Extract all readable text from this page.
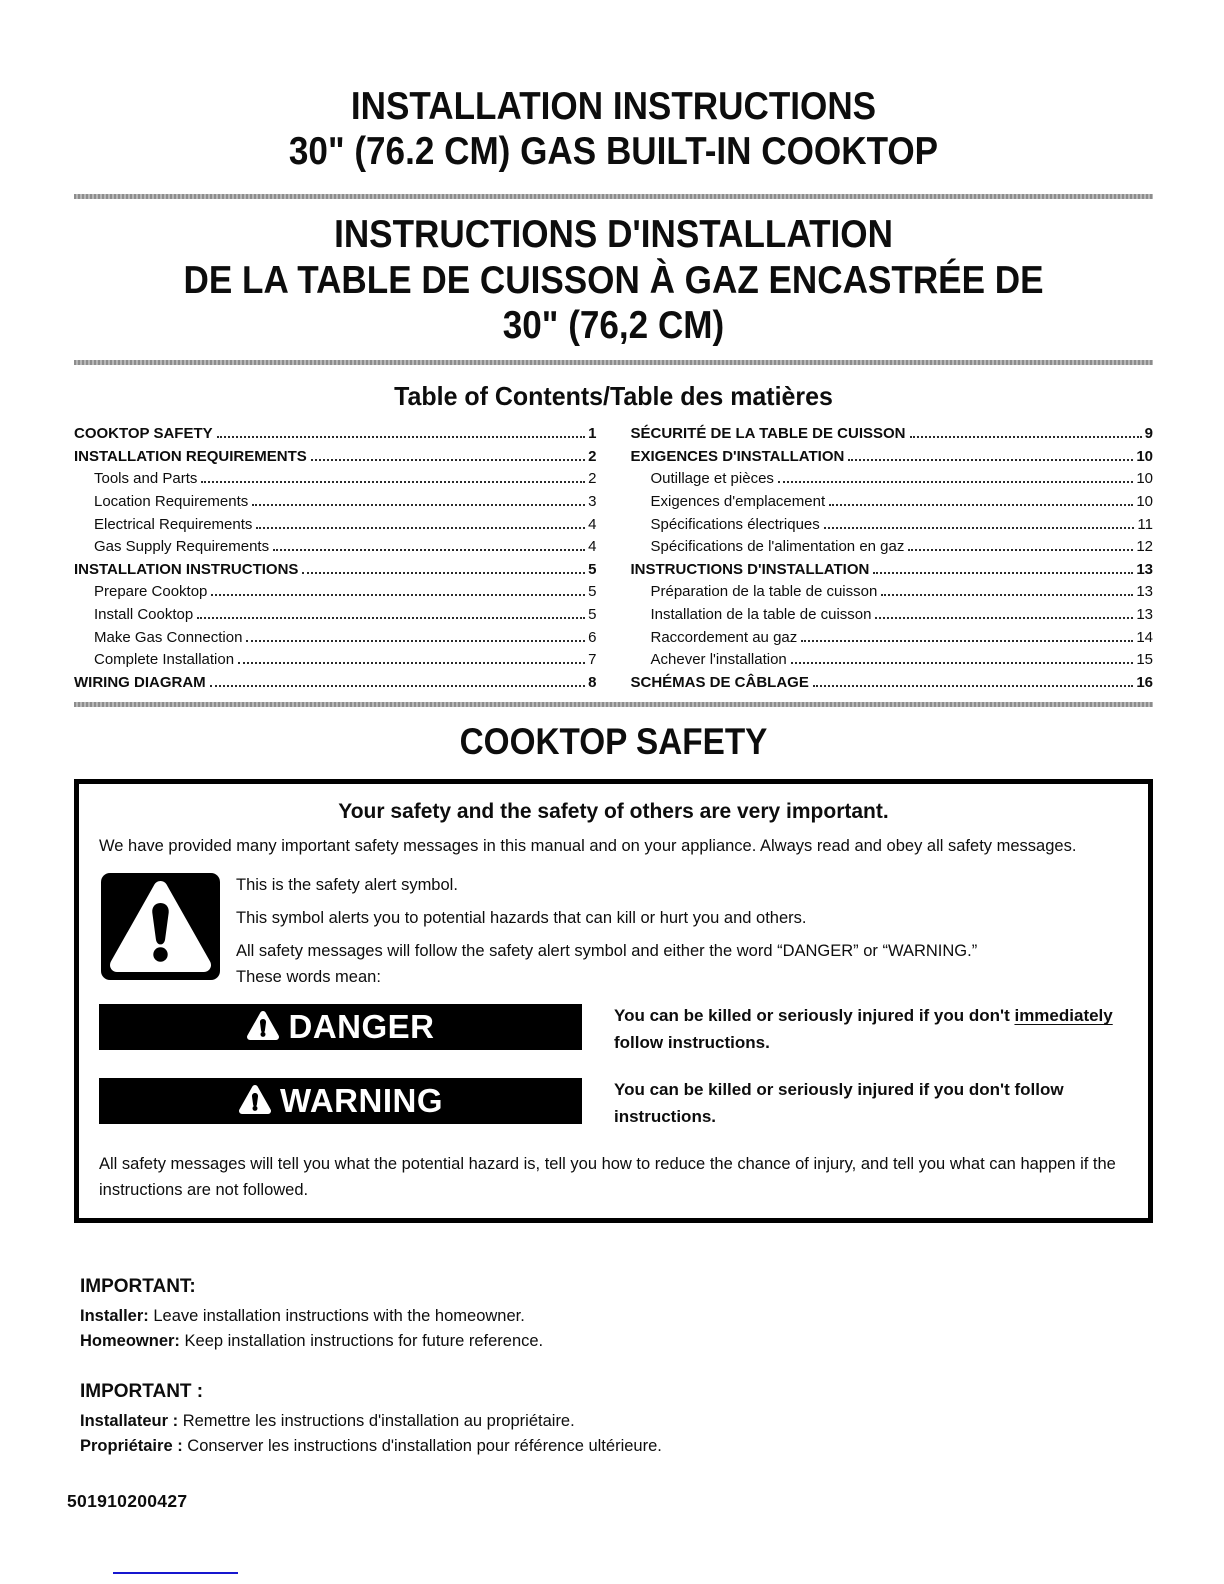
INSTALLATION INSTRUCTIONS
30" (76.2 CM) GAS BUILT-IN COOKTOP
INSTRUCTIONS D'INSTALLATION
DE LA TABLE DE CUISSON À GAZ ENCASTRÉE DE
30" (76,2 CM)
Table of Contents/Table des matières
COOKTOP SAFETY	1
INSTALLATION REQUIREMENTS	2
Tools and Parts	2
Location Requirements	3
Electrical Requirements	4
Gas Supply Requirements	4
INSTALLATION INSTRUCTIONS	5
Prepare Cooktop	5
Install Cooktop	5
Make Gas Connection	6
Complete Installation	7
WIRING DIAGRAM	8
SÉCURITÉ DE LA TABLE DE CUISSON	9
EXIGENCES D'INSTALLATION	10
Outillage et pièces	10
Exigences d'emplacement	10
Spécifications électriques	11
Spécifications de l'alimentation en gaz	12
INSTRUCTIONS D'INSTALLATION	13
Préparation de la table de cuisson	13
Installation de la table de cuisson	13
Raccordement au gaz	14
Achever l'installation	15
SCHÉMAS DE CÂBLAGE	16
COOKTOP SAFETY
Your safety and the safety of others are very important.
We have provided many important safety messages in this manual and on your appliance. Always read and obey all safety messages.
This is the safety alert symbol.
This symbol alerts you to potential hazards that can kill or hurt you and others.
All safety messages will follow the safety alert symbol and either the word “DANGER” or “WARNING.”
These words mean:
DANGER	You can be killed or seriously injured if you don't immediately follow instructions.
WARNING	You can be killed or seriously injured if you don't follow instructions.
All safety messages will tell you what the potential hazard is, tell you how to reduce the chance of injury, and tell you what can happen if the instructions are not followed.
IMPORTANT:
Installer: Leave installation instructions with the homeowner.
Homeowner: Keep installation instructions for future reference.
IMPORTANT :
Installateur : Remettre les instructions d'installation au propriétaire.
Propriétaire : Conserver les instructions d'installation pour référence ultérieure.
501910200427
